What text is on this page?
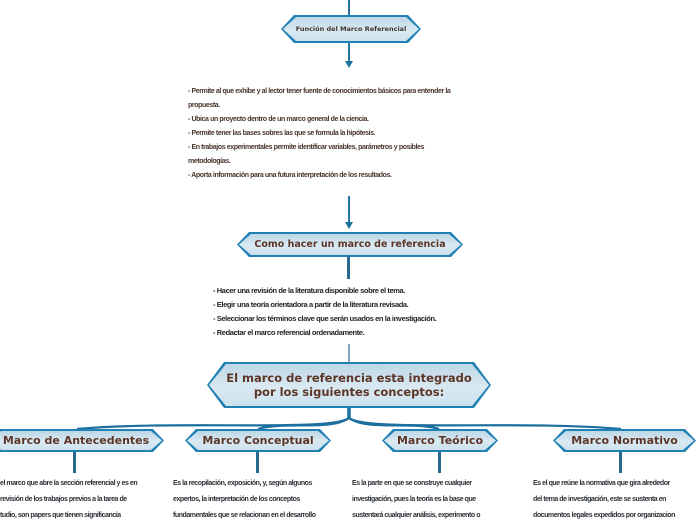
Función del Marco Referencial
- Permite al que exhibe y al lector tener fuente de conocimientos básicos para entender la
propuesta.
- Ubica un proyecto dentro de un marco general de la ciencia.
- Permite tener las bases sobres las que se formula la hipótesis.
- En trabajos experimentales permite identificar variables, parámetros y posibles
metodologías.
- Aporta información para una futura interpretación de los resultados.
Como hacer un marco de referencia
- Hacer una revisión de la literatura disponible sobre el tema.
- Elegir una teoría orientadora a partir de la literatura revisada.
- Seleccionar los términos clave que serán usados en la investigación.
- Redactar el marco referencial ordenadamente.
El marco de referencia esta integrado
por los siguientes conceptos:
Marco de Antecedentes	Marco Conceptual	Marco Teórico	Marco Normativo
el marco que abre la sección referencial y es en
revisión de los trabajos previos a la tarea de
tudio, son papers que tienen significancia
Es la recopilación, exposición, y, según algunos
expertos, la interpretación de los conceptos
fundamentales que se relacionan en el desarrollo
Es la parte en que se construye cualquier
investigación, pues la teoría es la base que
sustentará cualquier análisis, experimento o
Es el que reúne la normativa que gira alrededor
del tema de investigación, este se sustenta en
documentos legales expedidos por organizacion
